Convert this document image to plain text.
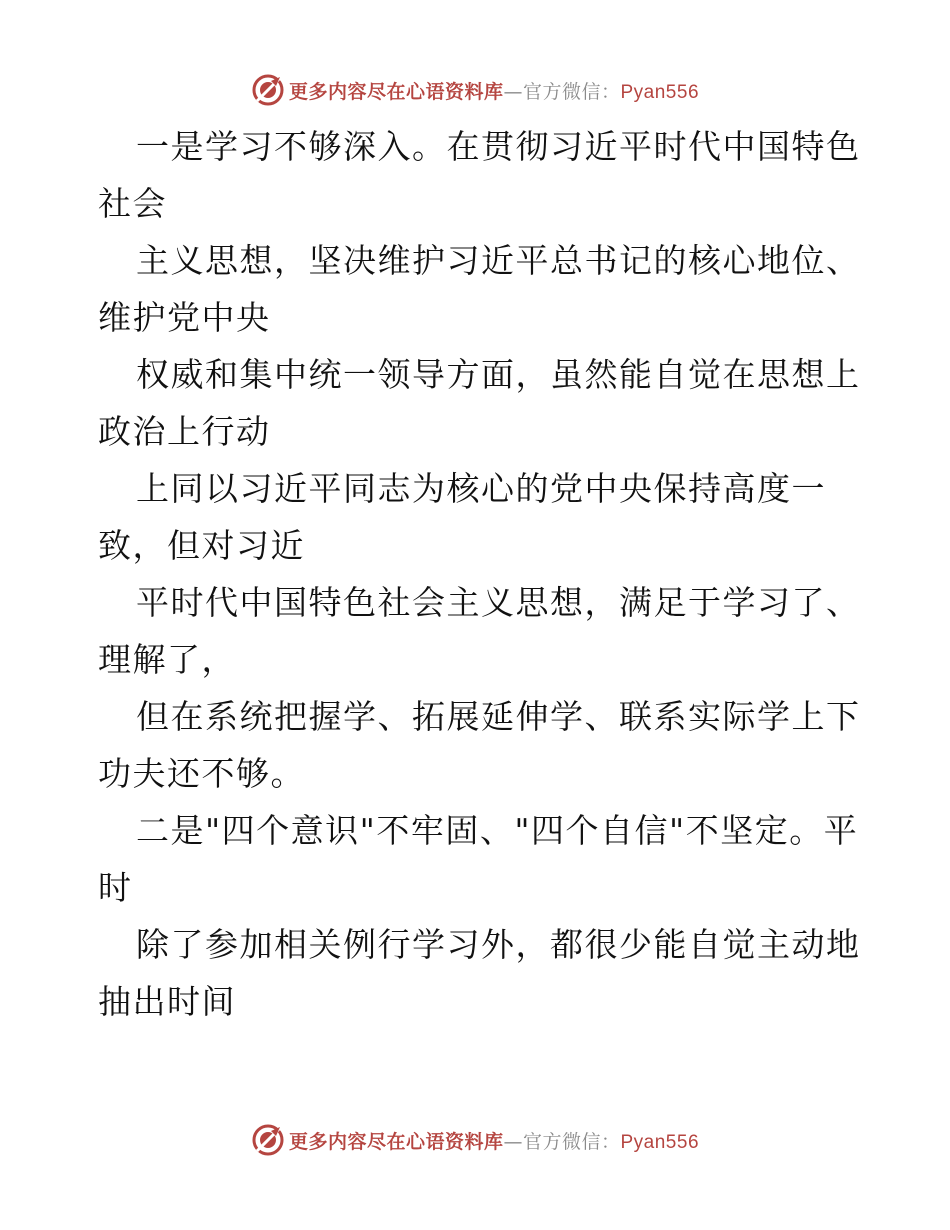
更多内容尽在心语资料库—官方微信：Pyan556

一是学习不够深入。在贯彻习近平时代中国特色
社会

主义思想，坚决维护习近平总书记的核心地位、
维护党中央

权威和集中统一领导方面，虽然能自觉在思想上
政治上行动

上同以习近平同志为核心的党中央保持高度一
致，但对习近

平时代中国特色社会主义思想，满足于学习了、
理解了，

但在系统把握学、拓展延伸学、联系实际学上下
功夫还不够。

二是"四个意识"不牢固、"四个自信"不坚定。平
时

除了参加相关例行学习外，都很少能自觉主动地
抽出时间

更多内容尽在心语资料库—官方微信：Pyan556
